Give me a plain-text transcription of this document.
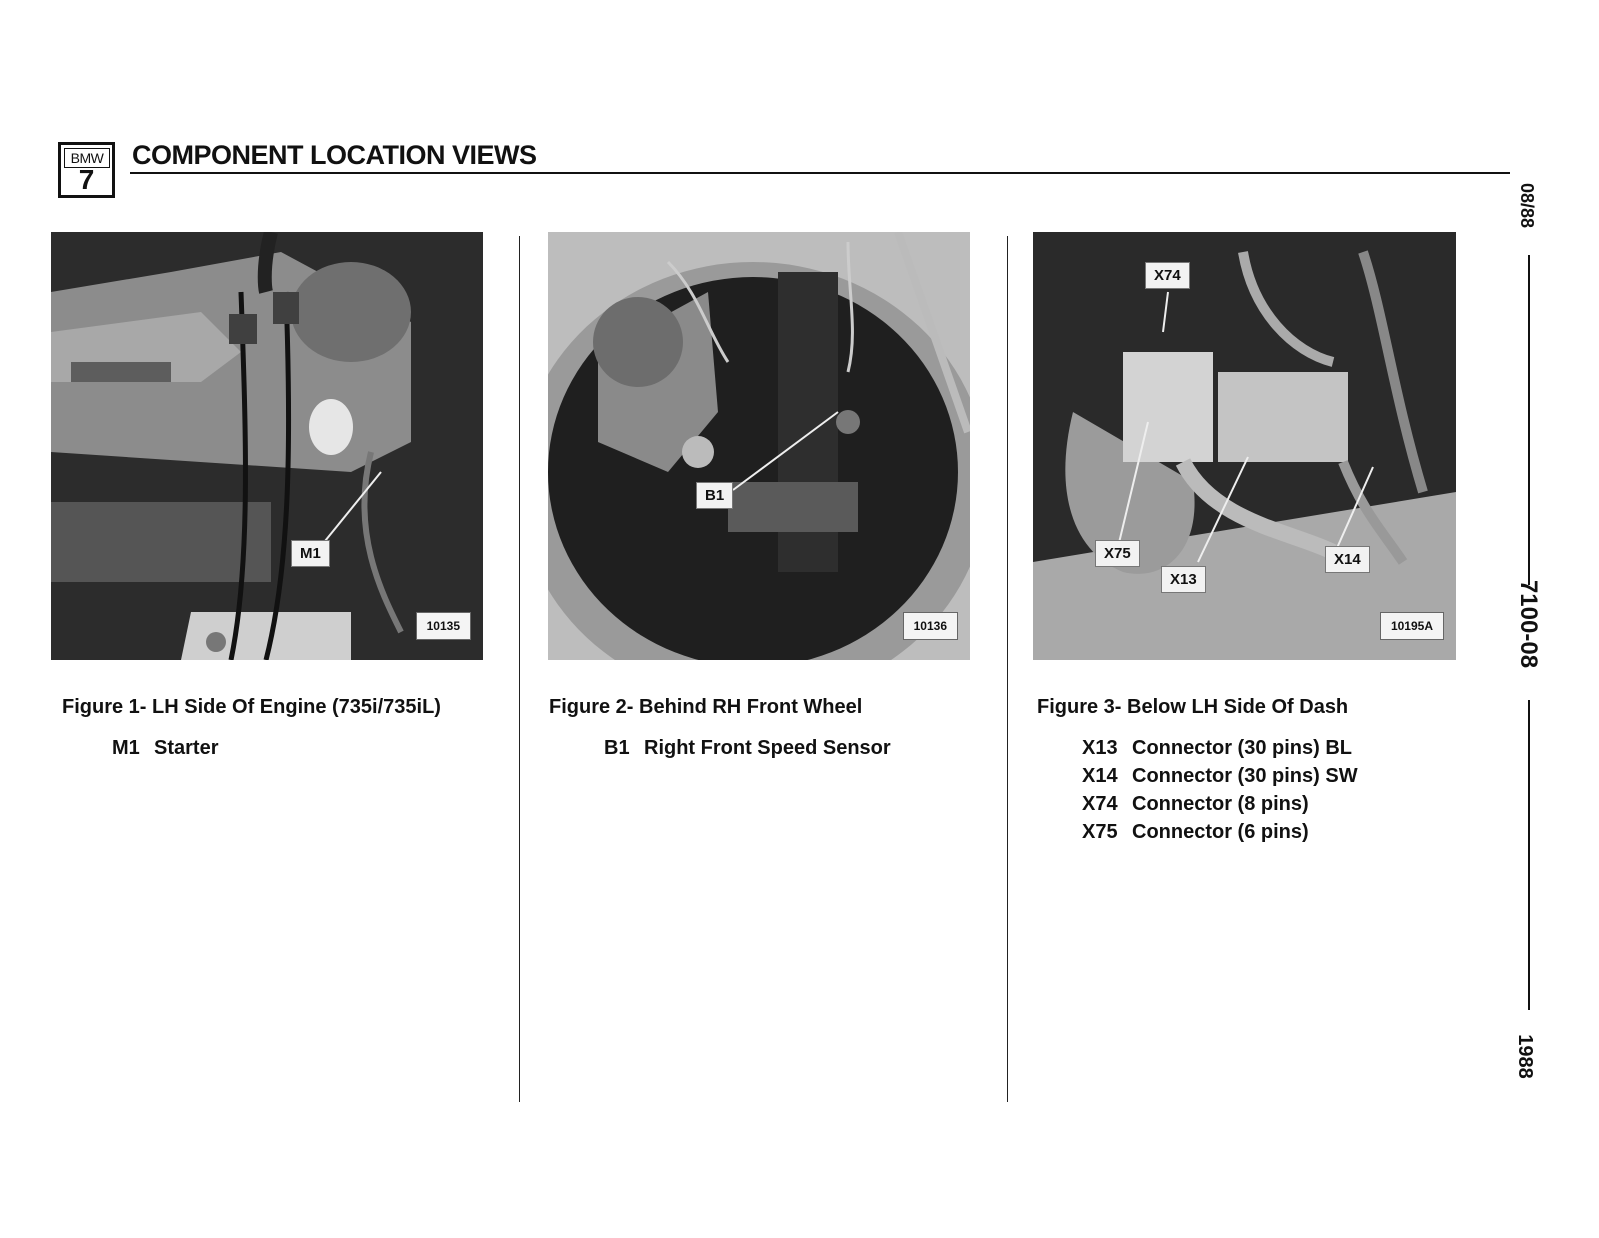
BMW
7
COMPONENT LOCATION VIEWS
08/88
7100-08
1988
M1
10135
B1
10136
X74
X75
X13
X14
10195A
Figure 1- LH Side Of Engine (735i/735iL)	Figure 2- Behind RH Front Wheel	Figure 3- Below LH Side Of Dash
M1 Starter	B1 Right Front Speed Sensor	X13 Connector (30 pins) BL
X14 Connector (30 pins) SW
X74 Connector (8 pins)
X75 Connector (6 pins)
